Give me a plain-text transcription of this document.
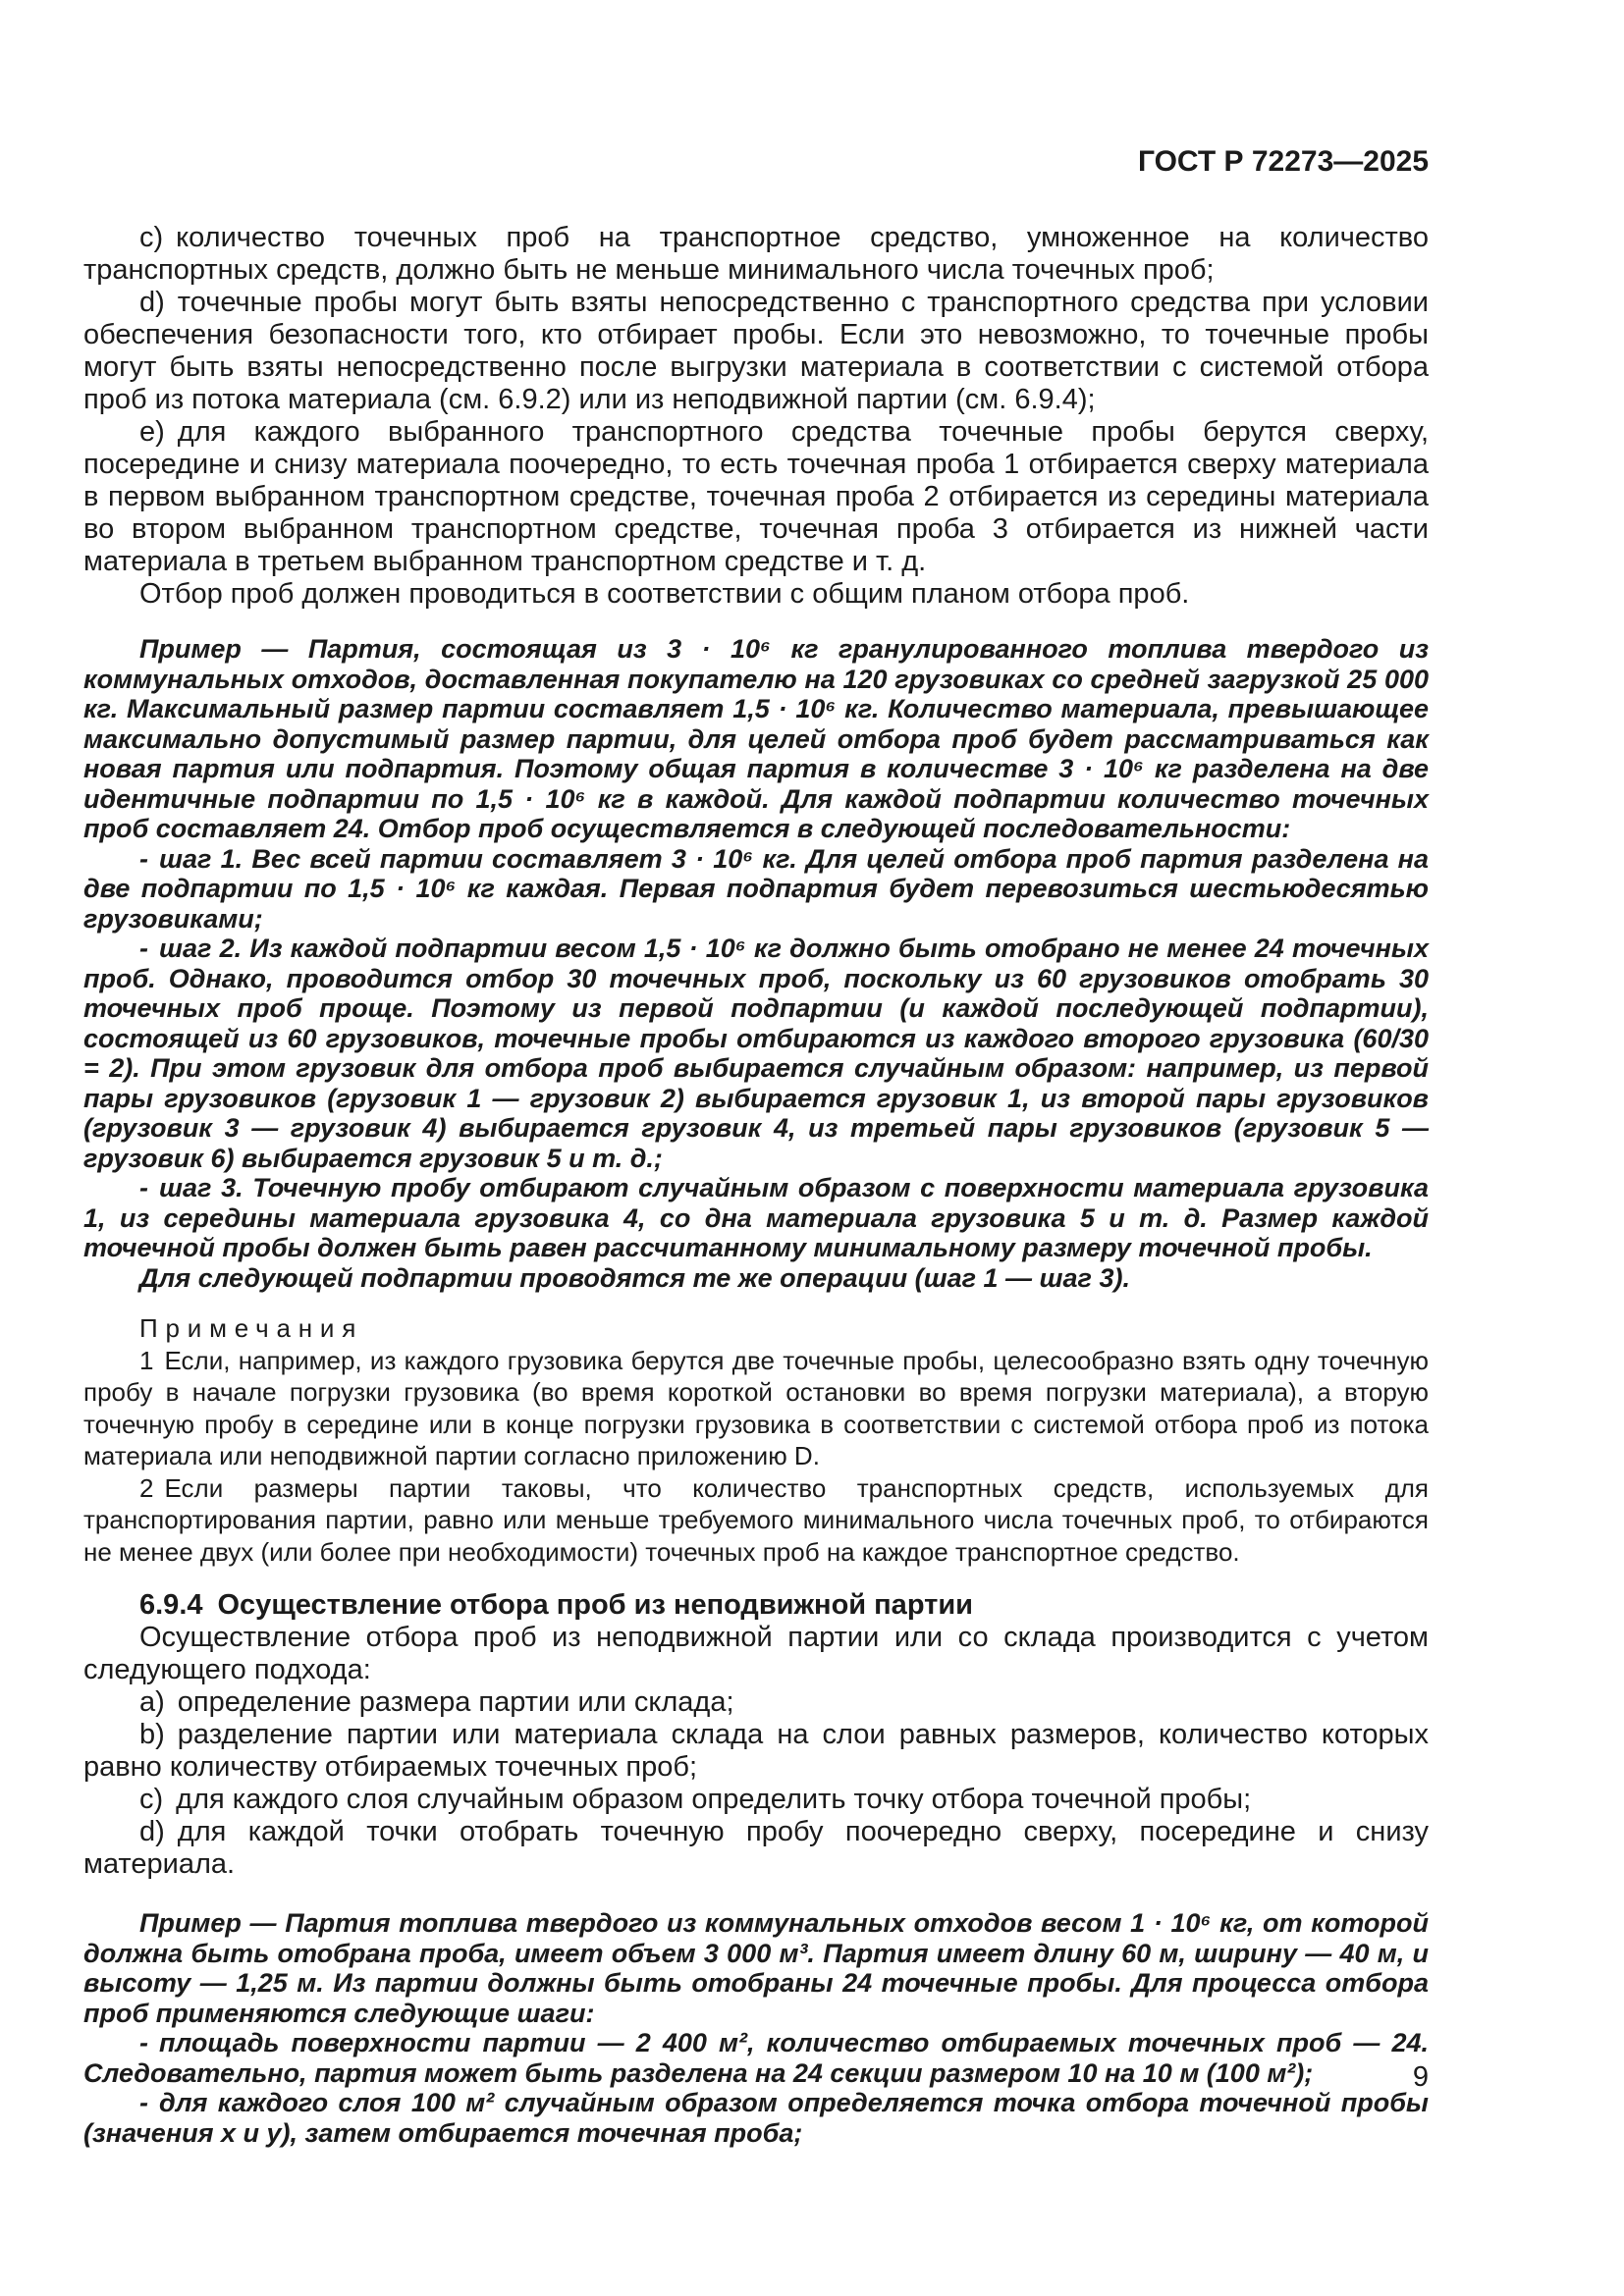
ГОСТ Р 72273—2025

c) количество точечных проб на транспортное средство, умноженное на количество транспортных средств, должно быть не меньше минимального числа точечных проб;

d) точечные пробы могут быть взяты непосредственно с транспортного средства при условии обеспечения безопасности того, кто отбирает пробы. Если это невозможно, то точечные пробы могут быть взяты непосредственно после выгрузки материала в соответствии с системой отбора проб из потока материала (см. 6.9.2) или из неподвижной партии (см. 6.9.4);

e) для каждого выбранного транспортного средства точечные пробы берутся сверху, посередине и снизу материала поочередно, то есть точечная проба 1 отбирается сверху материала в первом выбранном транспортном средстве, точечная проба 2 отбирается из середины материала во втором выбранном транспортном средстве, точечная проба 3 отбирается из нижней части материала в третьем выбранном транспортном средстве и т. д.

Отбор проб должен проводиться в соответствии с общим планом отбора проб.

Пример — Партия, состоящая из 3 · 10⁶ кг гранулированного топлива твердого из коммунальных отходов, доставленная покупателю на 120 грузовиках со средней загрузкой 25 000 кг. Максимальный размер партии составляет 1,5 · 10⁶ кг. Количество материала, превышающее максимально допустимый размер партии, для целей отбора проб будет рассматриваться как новая партия или подпартия. Поэтому общая партия в количестве 3 · 10⁶ кг разделена на две идентичные подпартии по 1,5 · 10⁶ кг в каждой. Для каждой подпартии количество точечных проб составляет 24. Отбор проб осуществляется в следующей последовательности:

- шаг 1. Вес всей партии составляет 3 · 10⁶ кг. Для целей отбора проб партия разделена на две подпартии по 1,5 · 10⁶ кг каждая. Первая подпартия будет перевозиться шестьюдесятью грузовиками;

- шаг 2. Из каждой подпартии весом 1,5 · 10⁶ кг должно быть отобрано не менее 24 точечных проб. Однако, проводится отбор 30 точечных проб, поскольку из 60 грузовиков отобрать 30 точечных проб проще. Поэтому из первой подпартии (и каждой последующей подпартии), состоящей из 60 грузовиков, точечные пробы отбираются из каждого второго грузовика (60/30 = 2). При этом грузовик для отбора проб выбирается случайным образом: например, из первой пары грузовиков (грузовик 1 — грузовик 2) выбирается грузовик 1, из второй пары грузовиков (грузовик 3 — грузовик 4) выбирается грузовик 4, из третьей пары грузовиков (грузовик 5 — грузовик 6) выбирается грузовик 5 и т. д.;

- шаг 3. Точечную пробу отбирают случайным образом с поверхности материала грузовика 1, из середины материала грузовика 4, со дна материала грузовика 5 и т. д. Размер каждой точечной пробы должен быть равен рассчитанному минимальному размеру точечной пробы.

Для следующей подпартии проводятся те же операции (шаг 1 — шаг 3).

Примечания

1 Если, например, из каждого грузовика берутся две точечные пробы, целесообразно взять одну точечную пробу в начале погрузки грузовика (во время короткой остановки во время погрузки материала), а вторую точечную пробу в середине или в конце погрузки грузовика в соответствии с системой отбора проб из потока материала или неподвижной партии согласно приложению D.

2 Если размеры партии таковы, что количество транспортных средств, используемых для транспортирования партии, равно или меньше требуемого минимального числа точечных проб, то отбираются не менее двух (или более при необходимости) точечных проб на каждое транспортное средство.

6.9.4 Осуществление отбора проб из неподвижной партии

Осуществление отбора проб из неподвижной партии или со склада производится с учетом следующего подхода:

a) определение размера партии или склада;

b) разделение партии или материала склада на слои равных размеров, количество которых равно количеству отбираемых точечных проб;

c) для каждого слоя случайным образом определить точку отбора точечной пробы;

d) для каждой точки отобрать точечную пробу поочередно сверху, посередине и снизу материала.

Пример — Партия топлива твердого из коммунальных отходов весом 1 · 10⁶ кг, от которой должна быть отобрана проба, имеет объем 3 000 м³. Партия имеет длину 60 м, ширину — 40 м, и высоту — 1,25 м. Из партии должны быть отобраны 24 точечные пробы. Для процесса отбора проб применяются следующие шаги:

- площадь поверхности партии — 2 400 м², количество отбираемых точечных проб — 24. Следовательно, партия может быть разделена на 24 секции размером 10 на 10 м (100 м²);

- для каждого слоя 100 м² случайным образом определяется точка отбора точечной пробы (значения x и y), затем отбирается точечная проба;

9
